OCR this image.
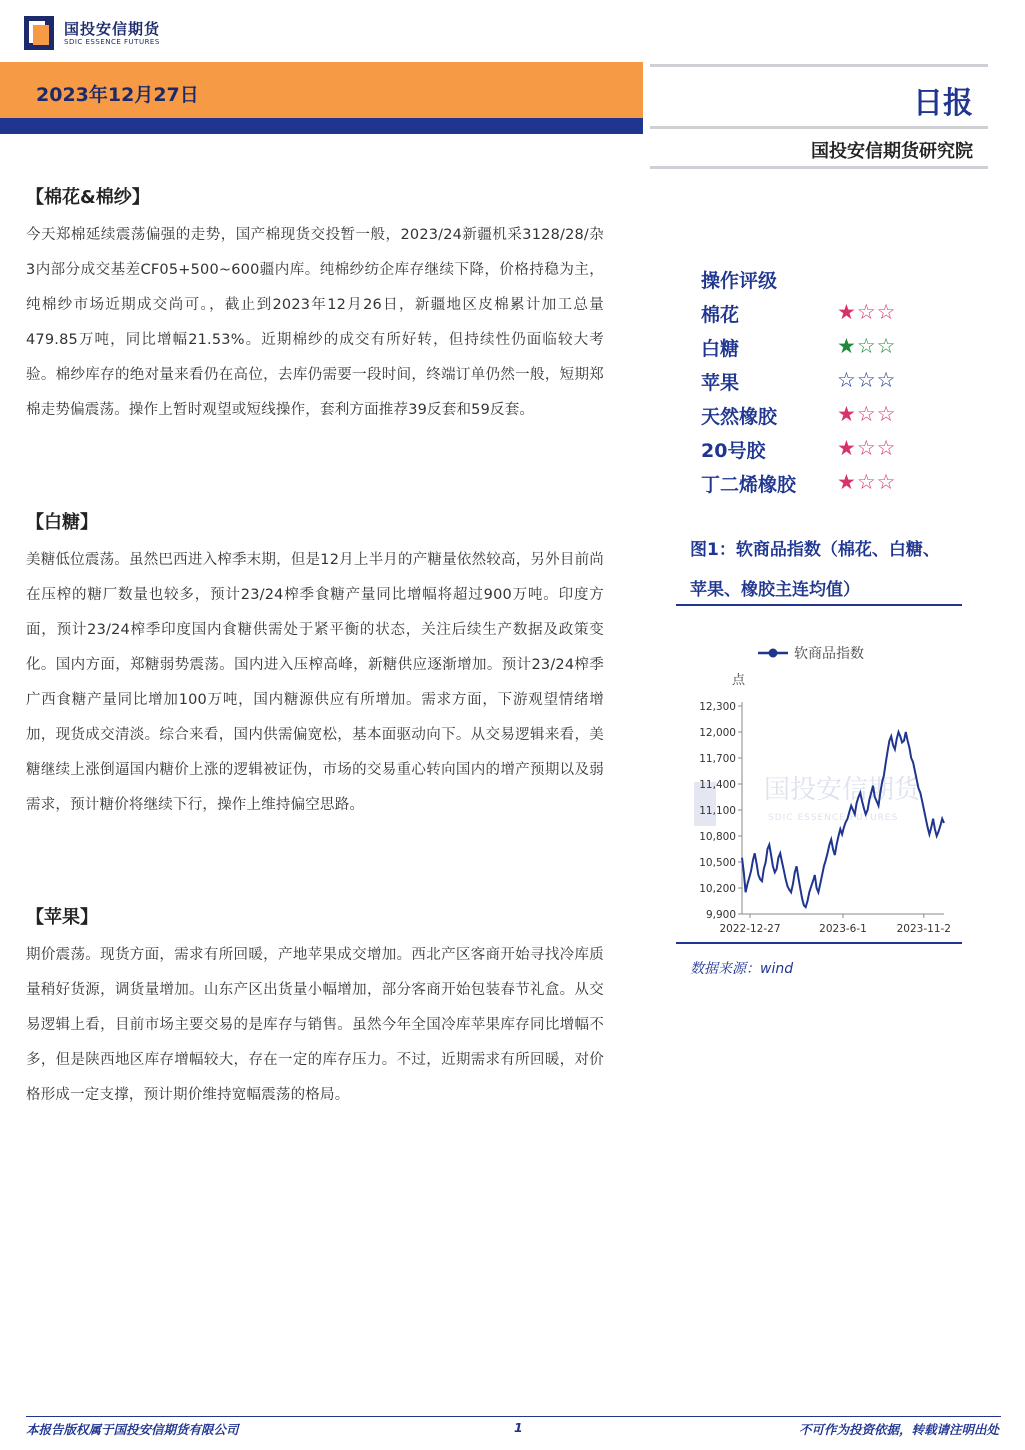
国投安信期货
SDIC ESSENCE FUTURES
2023年12月27日	日报
国投安信期货研究院
【棉花&棉纱】
今天郑棉延续震荡偏强的走势，国产棉现货交投暂一般，2023/24新疆机采3128/28/杂3内部分成交基差CF05+500~600疆内库。纯棉纱纺企库存继续下降，价格持稳为主，纯棉纱市场近期成交尚可。，截止到2023年12月26日，新疆地区皮棉累计加工总量479.85万吨，同比增幅21.53%。近期棉纱的成交有所好转，但持续性仍面临较大考验。棉纱库存的绝对量来看仍在高位，去库仍需要一段时间，终端订单仍然一般，短期郑棉走势偏震荡。操作上暂时观望或短线操作，套利方面推荐39反套和59反套。
【白糖】
美糖低位震荡。虽然巴西进入榨季末期，但是12月上半月的产糖量依然较高，另外目前尚在压榨的糖厂数量也较多，预计23/24榨季食糖产量同比增幅将超过900万吨。印度方面，预计23/24榨季印度国内食糖供需处于紧平衡的状态，关注后续生产数据及政策变化。国内方面，郑糖弱势震荡。国内进入压榨高峰，新糖供应逐渐增加。预计23/24榨季广西食糖产量同比增加100万吨，国内糖源供应有所增加。需求方面，下游观望情绪增加，现货成交清淡。综合来看，国内供需偏宽松，基本面驱动向下。从交易逻辑来看，美糖继续上涨倒逼国内糖价上涨的逻辑被证伪，市场的交易重心转向国内的增产预期以及弱需求，预计糖价将继续下行，操作上维持偏空思路。
【苹果】
期价震荡。现货方面，需求有所回暖，产地苹果成交增加。西北产区客商开始寻找冷库质量稍好货源，调货量增加。山东产区出货量小幅增加，部分客商开始包装春节礼盒。从交易逻辑上看，目前市场主要交易的是库存与销售。虽然今年全国冷库苹果库存同比增幅不多，但是陕西地区库存增幅较大，存在一定的库存压力。不过，近期需求有所回暖，对价格形成一定支撑，预计期价维持宽幅震荡的格局。
操作评级
棉花	★☆☆
白糖	★☆☆
苹果	☆☆☆
天然橡胶	★☆☆
20号胶	★☆☆
丁二烯橡胶 ★☆☆
图1：软商品指数（棉花、白糖、苹果、橡胶主连均值）
国投安信期货
SDIC ESSENCE FUTURES
软商品指数
点
9,900
10,200
10,500
10,800
11,100
11,400
11,700
12,000
12,300
2022-12-27	2023-6-1	2023-11-2
数据来源：wind
本报告版权属于国投安信期货有限公司	1	不可作为投资依据，转载请注明出处
